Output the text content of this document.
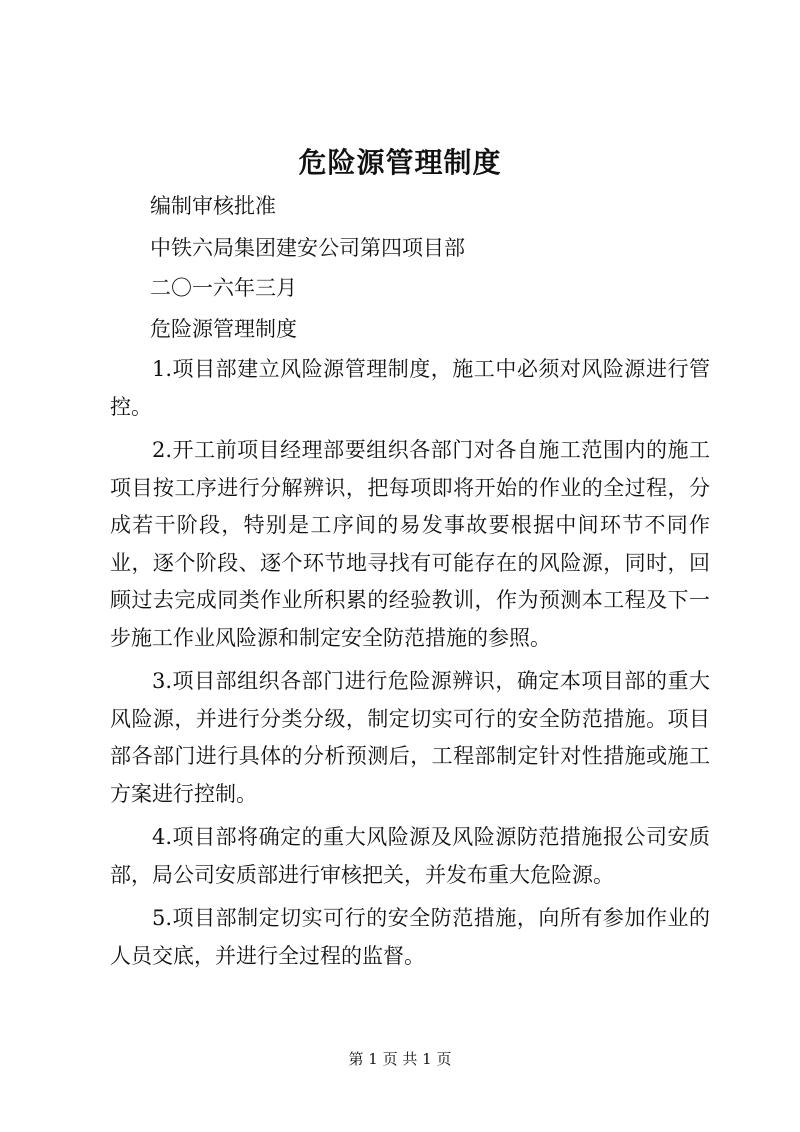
危险源管理制度
编制审核批准
中铁六局集团建安公司第四项目部
二〇一六年三月
危险源管理制度

1.项目部建立风险源管理制度，施工中必须对风险源进行管控。

2.开工前项目经理部要组织各部门对各自施工范围内的施工项目按工序进行分解辨识，把每项即将开始的作业的全过程，分成若干阶段，特别是工序间的易发事故要根据中间环节不同作业，逐个阶段、逐个环节地寻找有可能存在的风险源，同时，回顾过去完成同类作业所积累的经验教训，作为预测本工程及下一步施工作业风险源和制定安全防范措施的参照。

3.项目部组织各部门进行危险源辨识，确定本项目部的重大风险源，并进行分类分级，制定切实可行的安全防范措施。项目部各部门进行具体的分析预测后，工程部制定针对性措施或施工方案进行控制。

4.项目部将确定的重大风险源及风险源防范措施报公司安质部，局公司安质部进行审核把关，并发布重大危险源。

5.项目部制定切实可行的安全防范措施，向所有参加作业的人员交底，并进行全过程的监督。

第 1 页 共 1 页
